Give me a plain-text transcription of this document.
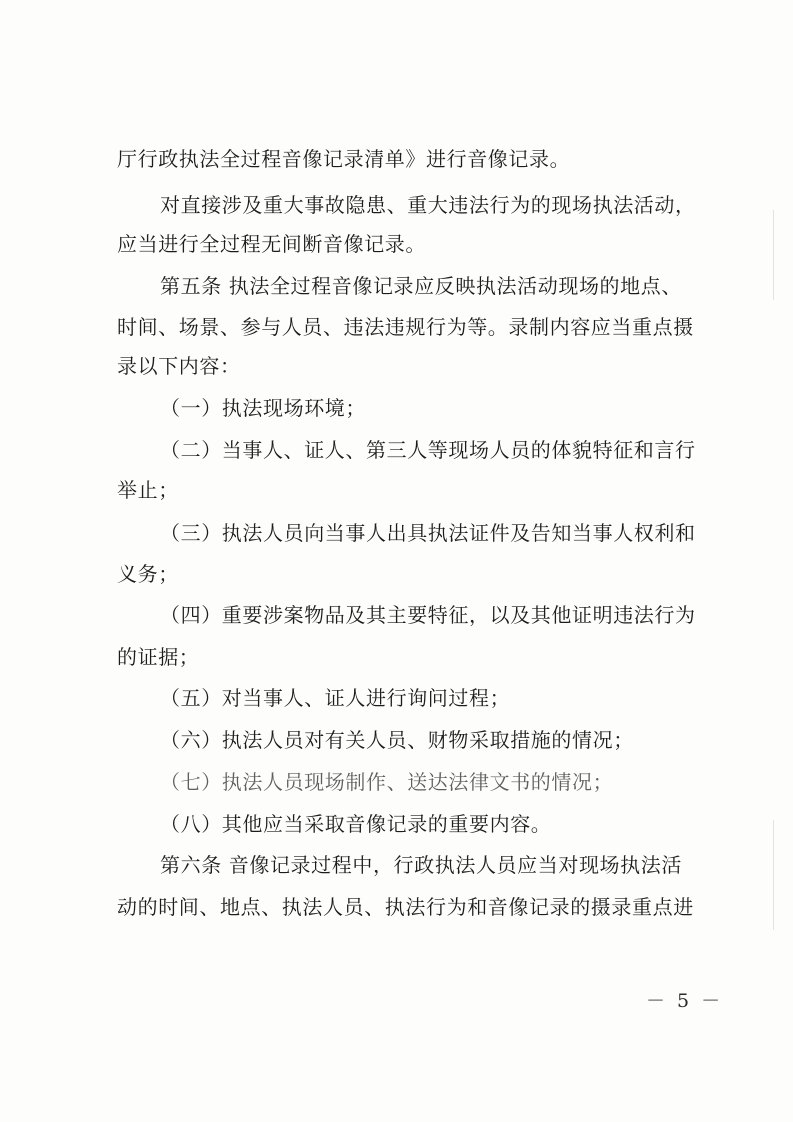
厅行政执法全过程音像记录清单》进行音像记录。
对直接涉及重大事故隐患、重大违法行为的现场执法活动，
应当进行全过程无间断音像记录。
第五条 执法全过程音像记录应反映执法活动现场的地点、
时间、场景、参与人员、违法违规行为等。录制内容应当重点摄
录以下内容：
（一）执法现场环境；
（二）当事人、证人、第三人等现场人员的体貌特征和言行
举止；
（三）执法人员向当事人出具执法证件及告知当事人权利和
义务；
（四）重要涉案物品及其主要特征，以及其他证明违法行为
的证据；
（五）对当事人、证人进行询问过程；
（六）执法人员对有关人员、财物采取措施的情况；
（七）执法人员现场制作、送达法律文书的情况；
（八）其他应当采取音像记录的重要内容。
第六条 音像记录过程中，行政执法人员应当对现场执法活
动的时间、地点、执法人员、执法行为和音像记录的摄录重点进
－ 5 －
